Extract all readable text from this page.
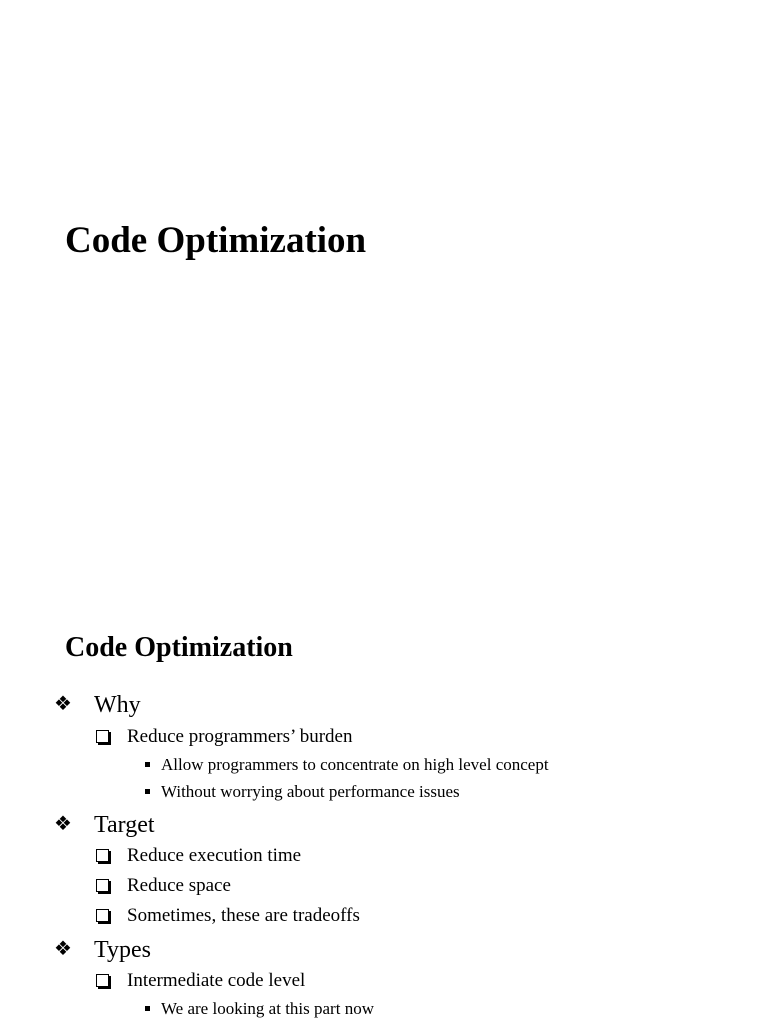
Code Optimization
Code Optimization
❖ Why
Reduce programmers’ burden
Allow programmers to concentrate on high level concept
Without worrying about performance issues
❖ Target
Reduce execution time
Reduce space
Sometimes, these are tradeoffs
❖ Types
Intermediate code level
We are looking at this part now
